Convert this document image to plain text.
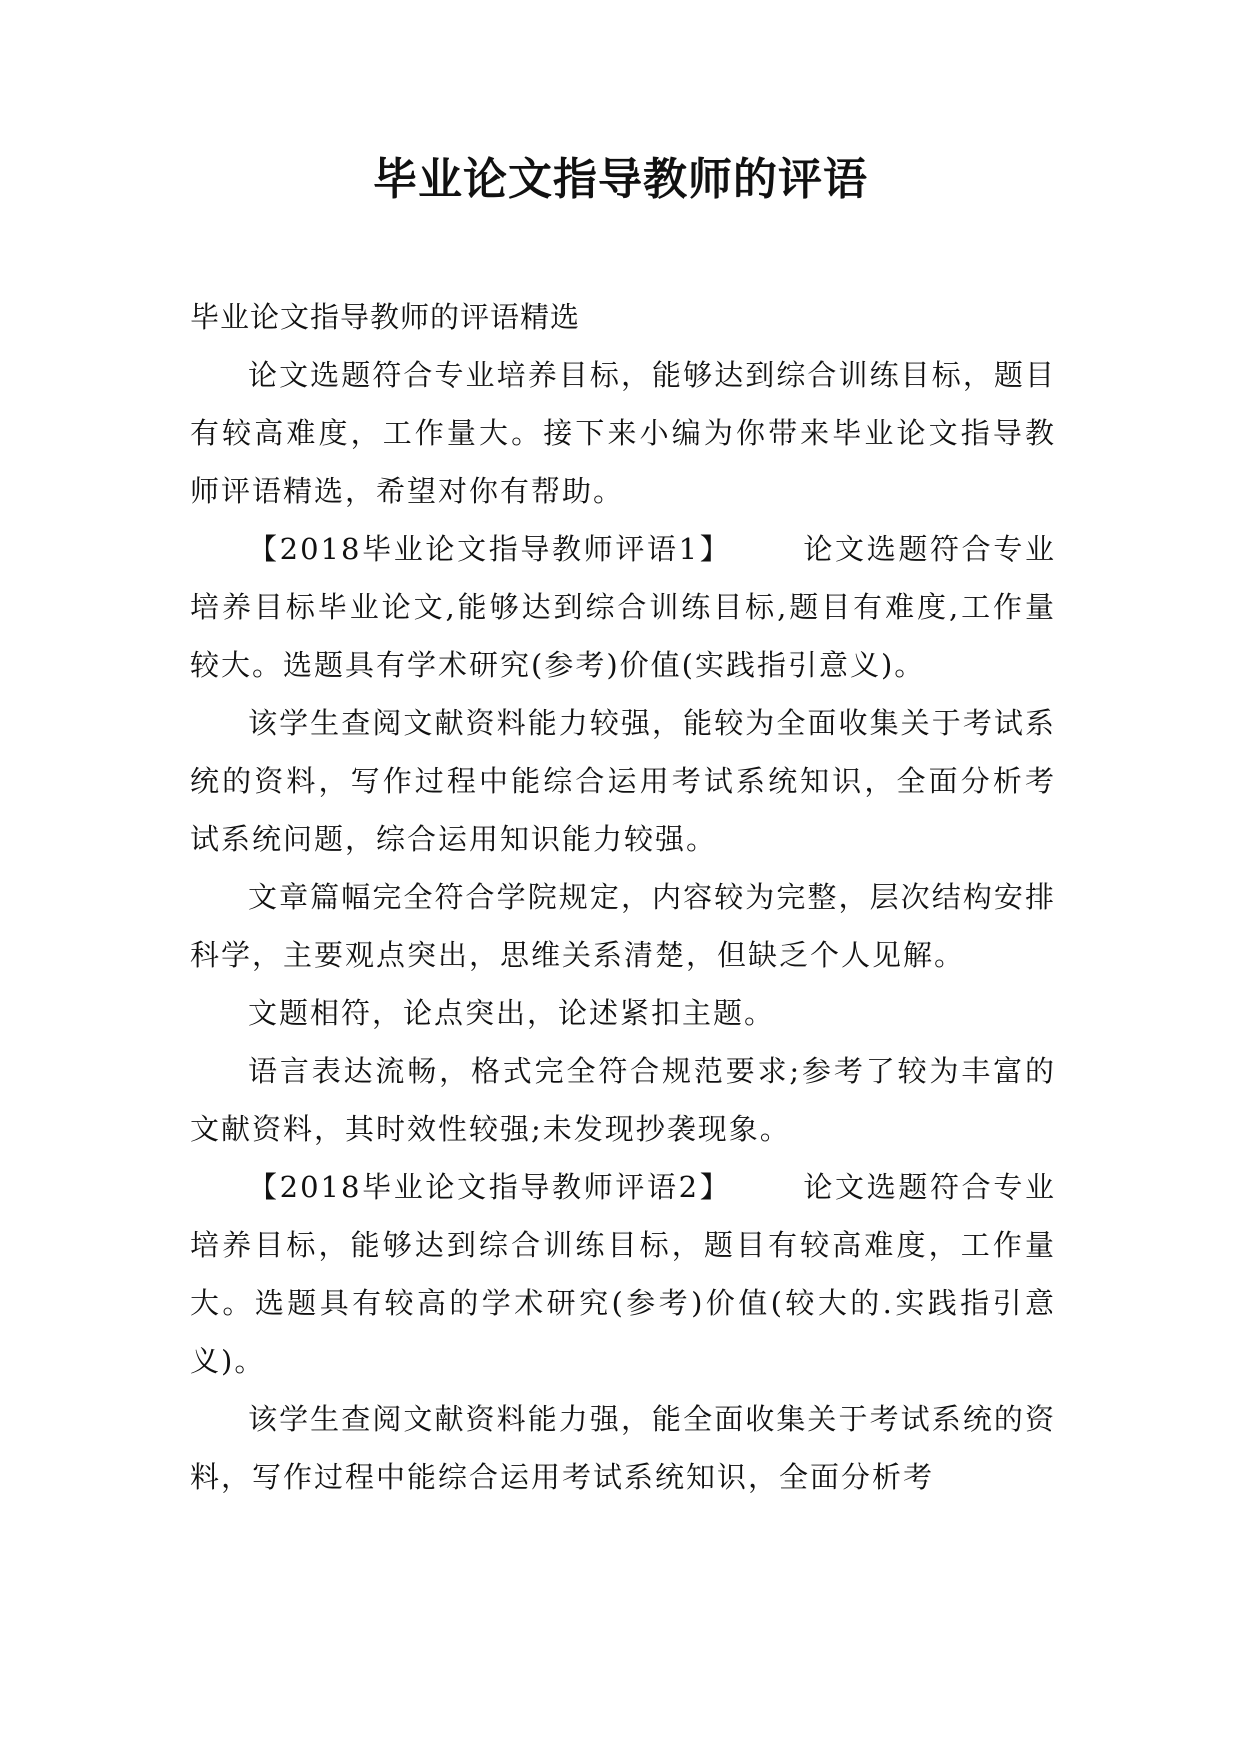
毕业论文指导教师的评语

毕业论文指导教师的评语精选

论文选题符合专业培养目标，能够达到综合训练目标，题目有较高难度，工作量大。接下来小编为你带来毕业论文指导教师评语精选，希望对你有帮助。

【2018毕业论文指导教师评语1】 论文选题符合专业培养目标毕业论文,能够达到综合训练目标,题目有难度,工作量较大。选题具有学术研究(参考)价值(实践指引意义)。

该学生查阅文献资料能力较强，能较为全面收集关于考试系统的资料，写作过程中能综合运用考试系统知识，全面分析考试系统问题，综合运用知识能力较强。

文章篇幅完全符合学院规定，内容较为完整，层次结构安排科学，主要观点突出，思维关系清楚，但缺乏个人见解。

文题相符，论点突出，论述紧扣主题。

语言表达流畅，格式完全符合规范要求;参考了较为丰富的文献资料，其时效性较强;未发现抄袭现象。

【2018毕业论文指导教师评语2】 论文选题符合专业培养目标，能够达到综合训练目标，题目有较高难度，工作量大。选题具有较高的学术研究(参考)价值(较大的.实践指引意义)。

该学生查阅文献资料能力强，能全面收集关于考试系统的资料，写作过程中能综合运用考试系统知识，全面分析考
